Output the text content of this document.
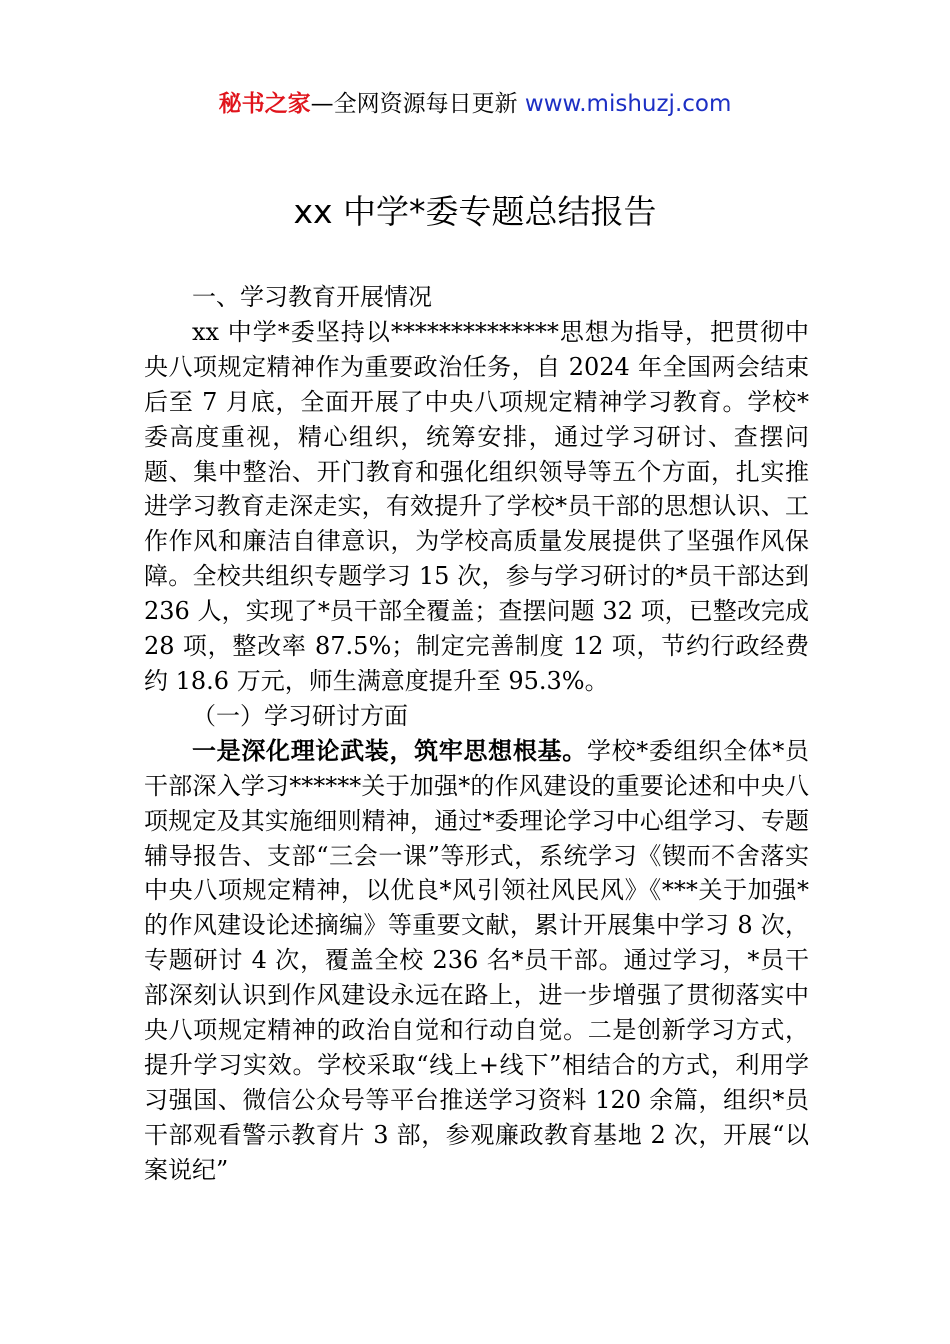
秘书之家—全网资源每日更新 www.mishuzj.com
xx 中学*委专题总结报告

一、学习教育开展情况

xx 中学*委坚持以**************思想为指导，把贯彻中央八项规定精神作为重要政治任务，自 2024 年全国两会结束后至 7 月底，全面开展了中央八项规定精神学习教育。学校*委高度重视，精心组织，统筹安排，通过学习研讨、查摆问题、集中整治、开门教育和强化组织领导等五个方面，扎实推进学习教育走深走实，有效提升了学校*员干部的思想认识、工作作风和廉洁自律意识，为学校高质量发展提供了坚强作风保障。全校共组织专题学习 15 次，参与学习研讨的*员干部达到 236 人，实现了*员干部全覆盖；查摆问题 32 项，已整改完成 28 项，整改率 87.5%；制定完善制度 12 项，节约行政经费约 18.6 万元，师生满意度提升至 95.3%。

（一）学习研讨方面

一是深化理论武装，筑牢思想根基。学校*委组织全体*员干部深入学习******关于加强*的作风建设的重要论述和中央八项规定及其实施细则精神，通过*委理论学习中心组学习、专题辅导报告、支部“三会一课”等形式，系统学习《锲而不舍落实中央八项规定精神，以优良*风引领社风民风》《***关于加强*的作风建设论述摘编》等重要文献，累计开展集中学习 8 次，专题研讨 4 次，覆盖全校 236 名*员干部。通过学习，*员干部深刻认识到作风建设永远在路上，进一步增强了贯彻落实中央八项规定精神的政治自觉和行动自觉。二是创新学习方式，提升学习实效。学校采取“线上+线下”相结合的方式，利用学习强国、微信公众号等平台推送学习资料 120 余篇，组织*员干部观看警示教育片 3 部，参观廉政教育基地 2 次，开展“以案说纪”
